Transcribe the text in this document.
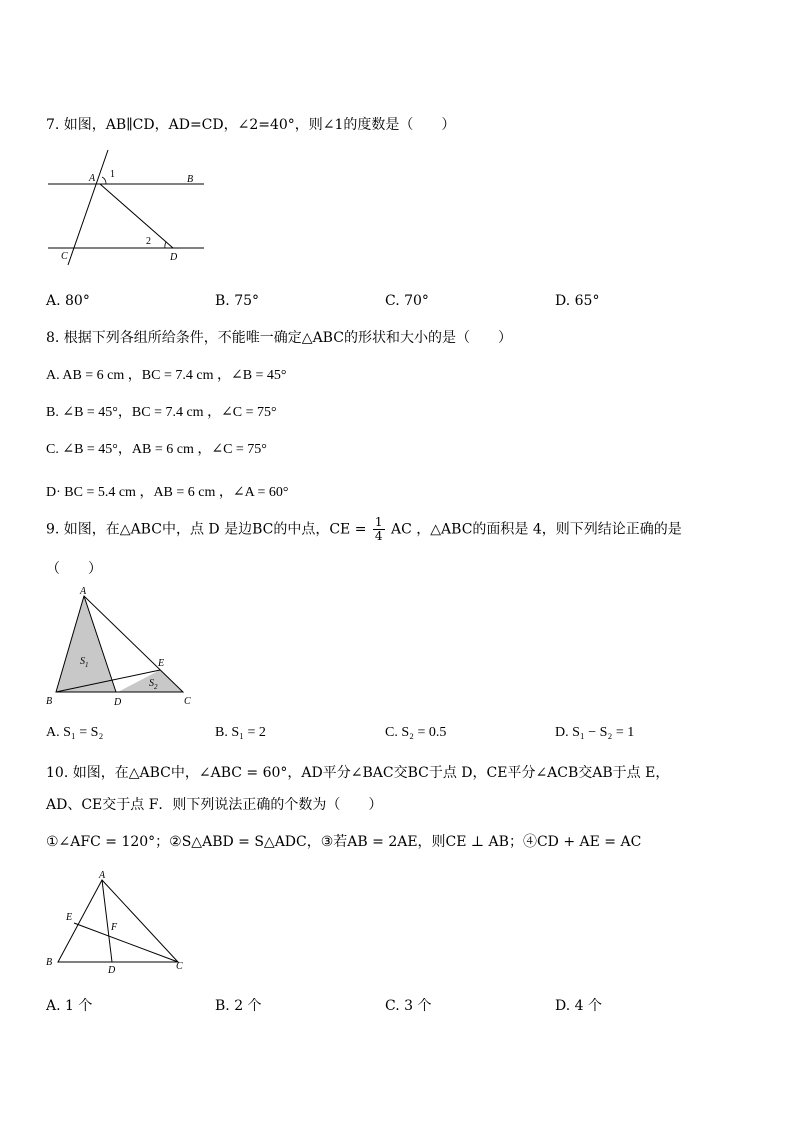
7. 如图，AB∥CD，AD=CD，∠2=40°，则∠1的度数是（　　）
A 1	B
2
C	D
A. 80°	B. 75°	C. 70°	D. 65°
8. 根据下列各组所给条件，不能唯一确定△ABC的形状和大小的是（　　）
A. AB = 6 cm ，BC = 7.4 cm ，∠B = 45°
B. ∠B = 45°，BC = 7.4 cm ，∠C = 75°
C. ∠B = 45°，AB = 6 cm ，∠C = 75°
D· BC = 5.4 cm ，AB = 6 cm ，∠A = 60°
9. 如图，在△ABC中，点 D 是边BC的中点，CE = $\frac{1}{4}$ AC ，△ABC的面积是 4，则下列结论正确的是
（　　）
A
B	D	C
E
$S_1$
$S_2$
A. S₁ = S₂	B. S₁ = 2	C. S₂ = 0.5	D. S₁ − S₂ = 1
10. 如图，在△ABC中，∠ABC = 60°，AD平分∠BAC交BC于点 D，CE平分∠ACB交AB于点 E，
AD、CE交于点 F．则下列说法正确的个数为（　　）
①∠AFC = 120°；②S△ABD = S△ADC，③若AB = 2AE，则CE ⊥ AB；④CD + AE = AC
A
E
F
B
D	C
A. 1 个	B. 2 个	C. 3 个	D. 4 个
